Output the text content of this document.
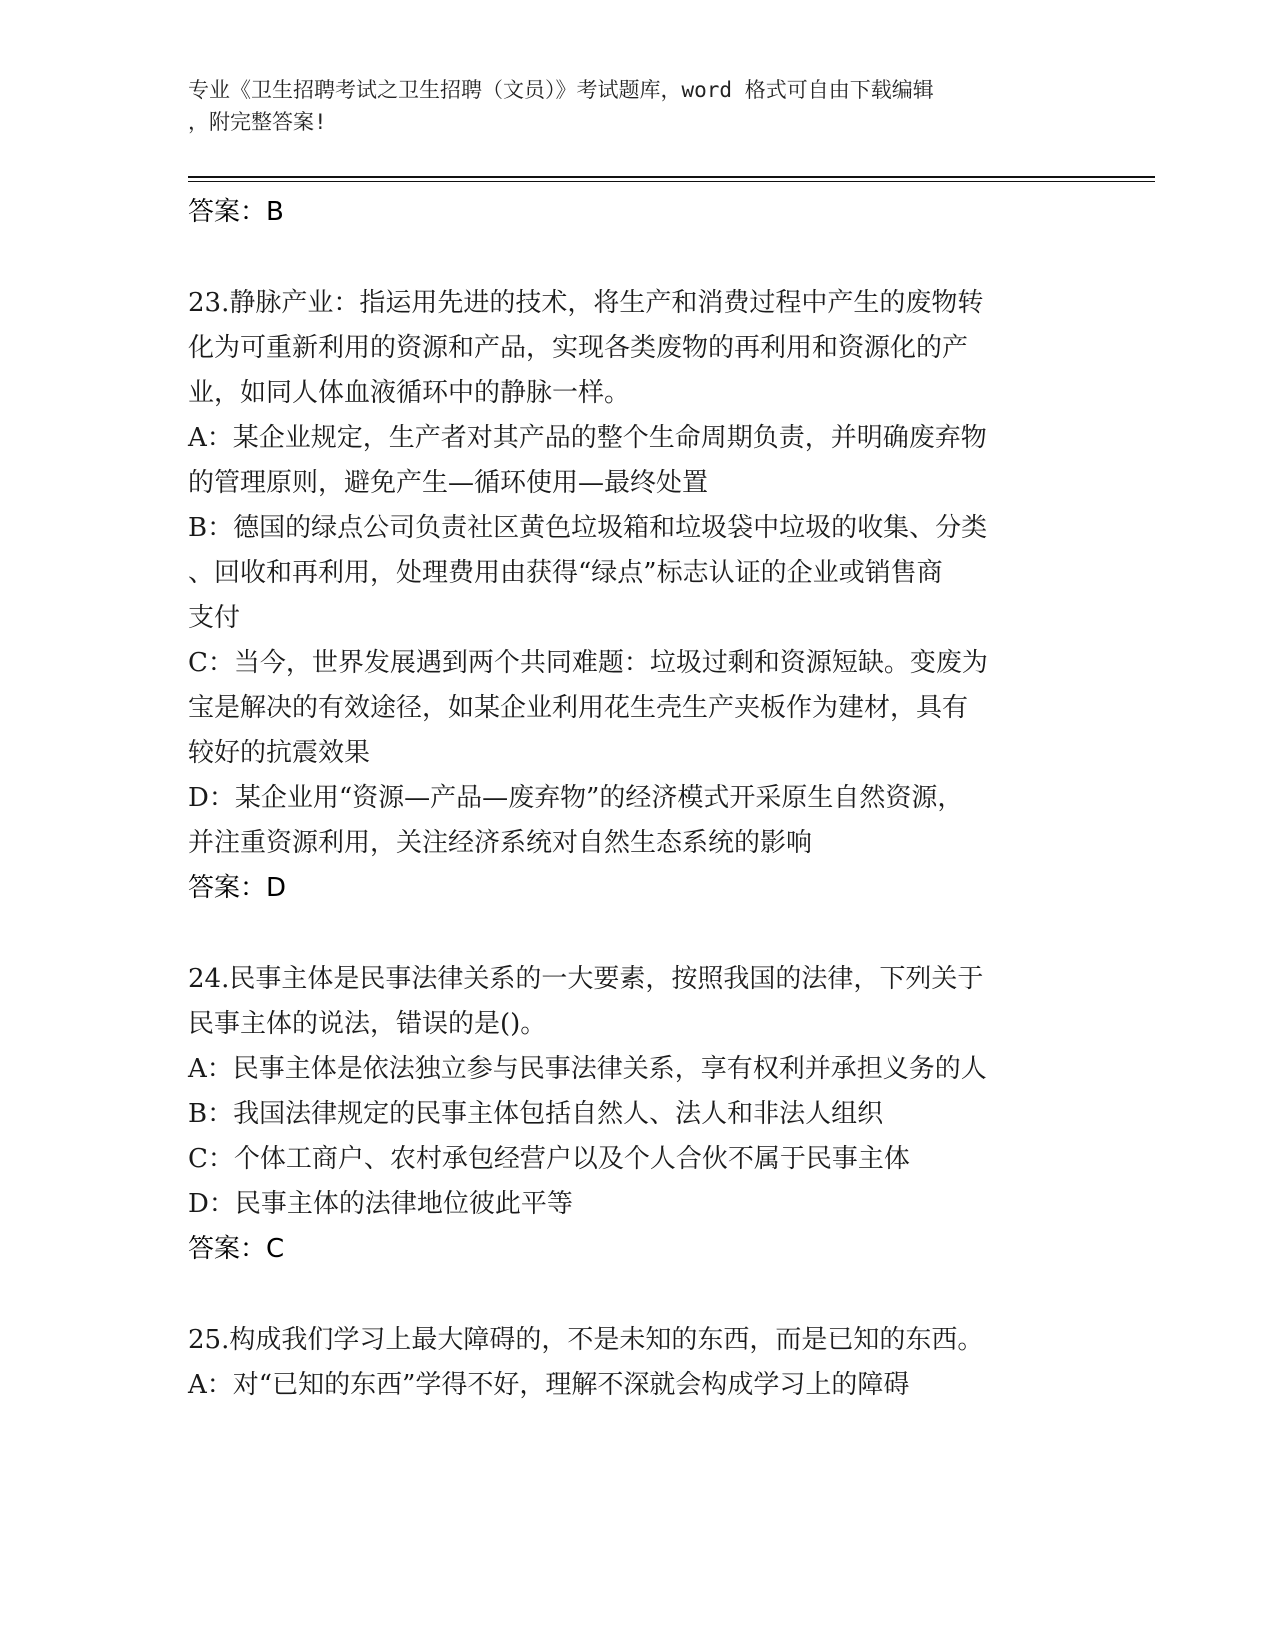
专业《卫生招聘考试之卫生招聘（文员）》考试题库，word 格式可自由下载编辑
，附完整答案!
答案：B
23.静脉产业：指运用先进的技术，将生产和消费过程中产生的废物转
化为可重新利用的资源和产品，实现各类废物的再利用和资源化的产
业，如同人体血液循环中的静脉一样。
A：某企业规定，生产者对其产品的整个生命周期负责，并明确废弃物
的管理原则，避免产生—循环使用—最终处置
B：德国的绿点公司负责社区黄色垃圾箱和垃圾袋中垃圾的收集、分类
、回收和再利用，处理费用由获得“绿点”标志认证的企业或销售商
支付
C：当今，世界发展遇到两个共同难题：垃圾过剩和资源短缺。变废为
宝是解决的有效途径，如某企业利用花生壳生产夹板作为建材，具有
较好的抗震效果
D：某企业用“资源—产品—废弃物”的经济模式开采原生自然资源，
并注重资源利用，关注经济系统对自然生态系统的影响
答案：D
24.民事主体是民事法律关系的一大要素，按照我国的法律，下列关于
民事主体的说法，错误的是()。
A：民事主体是依法独立参与民事法律关系，享有权利并承担义务的人
B：我国法律规定的民事主体包括自然人、法人和非法人组织
C：个体工商户、农村承包经营户以及个人合伙不属于民事主体
D：民事主体的法律地位彼此平等
答案：C
25.构成我们学习上最大障碍的，不是未知的东西，而是已知的东西。
A：对“已知的东西”学得不好，理解不深就会构成学习上的障碍
